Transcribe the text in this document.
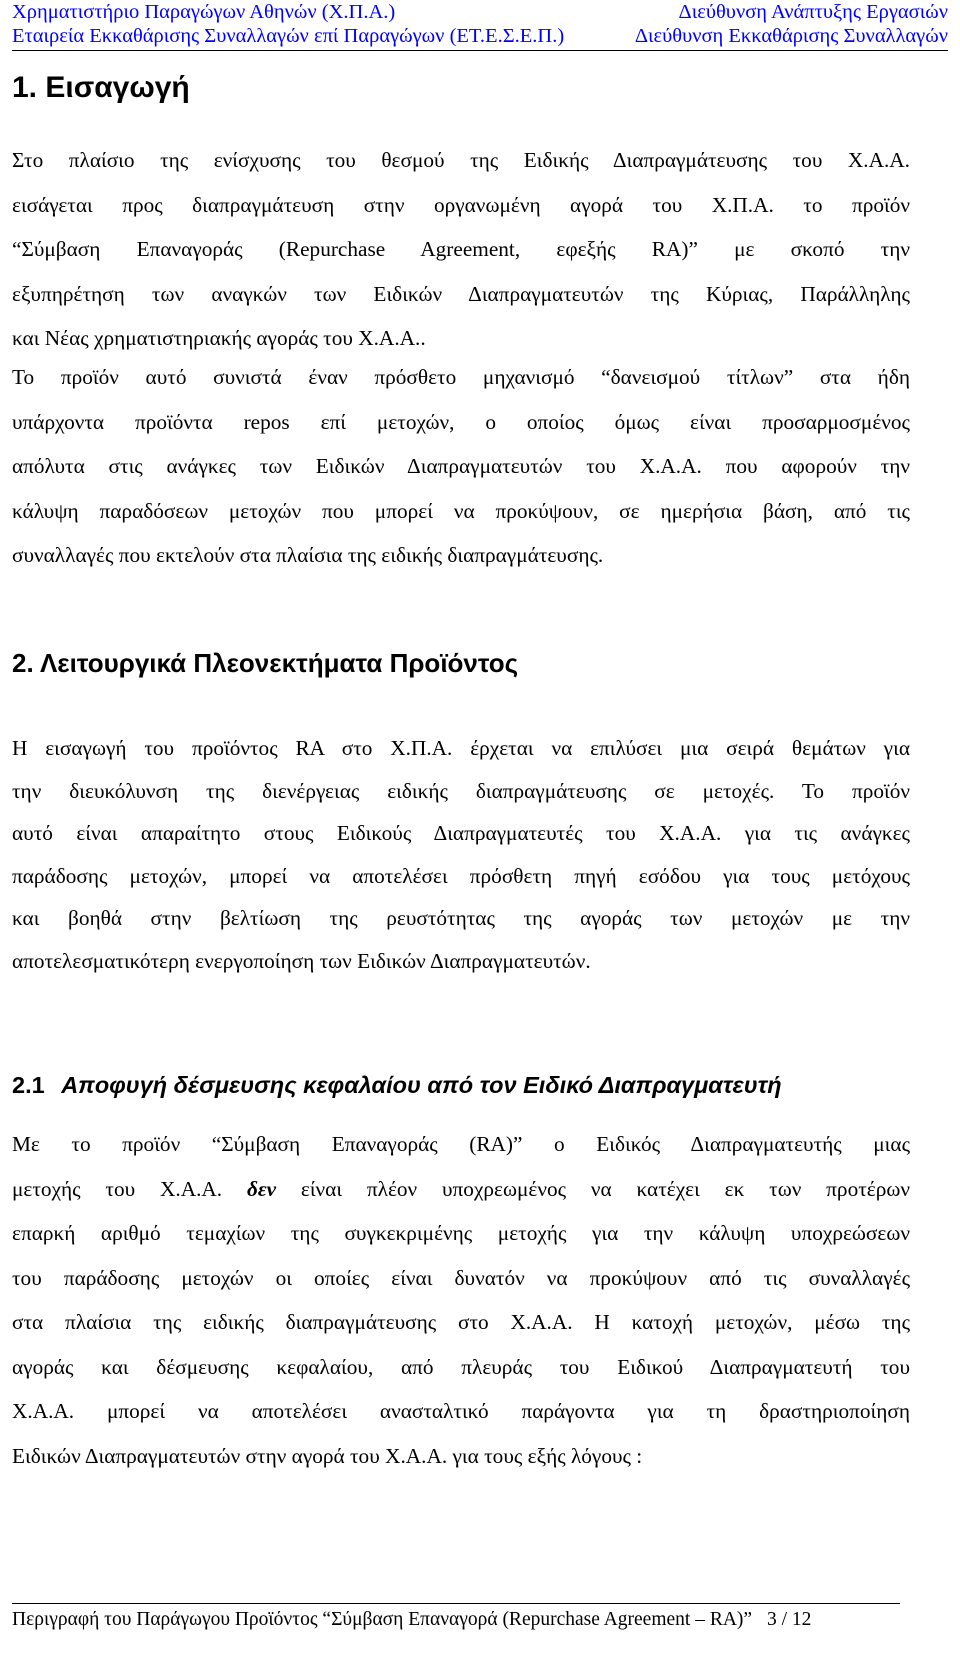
Χρηματιστήριο Παραγώγων Αθηνών (Χ.Π.Α.)	Διεύθυνση Ανάπτυξης Εργασιών
Εταιρεία Εκκαθάρισης Συναλλαγών επί Παραγώγων (ΕΤ.Ε.Σ.Ε.Π.)	Διεύθυνση Εκκαθάρισης Συναλλαγών
1. Εισαγωγή
Στο πλαίσιο της ενίσχυσης του θεσμού της Ειδικής Διαπραγμάτευσης του Χ.Α.Α.
εισάγεται προς διαπραγμάτευση στην οργανωμένη αγορά του Χ.Π.Α. το προϊόν
“Σύμβαση Επαναγοράς (Repurchase Agreement, εφεξής RA)” με σκοπό την
εξυπηρέτηση των αναγκών των Ειδικών Διαπραγματευτών της Κύριας, Παράλληλης
και Νέας χρηματιστηριακής αγοράς του Χ.Α.Α..
Το προϊόν αυτό συνιστά έναν πρόσθετο μηχανισμό “δανεισμού τίτλων” στα ήδη
υπάρχοντα προϊόντα repos επί μετοχών, ο οποίος όμως είναι προσαρμοσμένος
απόλυτα στις ανάγκες των Ειδικών Διαπραγματευτών του Χ.Α.Α. που αφορούν την
κάλυψη παραδόσεων μετοχών που μπορεί να προκύψουν, σε ημερήσια βάση, από τις
συναλλαγές που εκτελούν στα πλαίσια της ειδικής διαπραγμάτευσης.
2. Λειτουργικά Πλεονεκτήματα Προϊόντος
Η εισαγωγή του προϊόντος RA στο Χ.Π.Α. έρχεται να επιλύσει μια σειρά θεμάτων για
την διευκόλυνση της διενέργειας ειδικής διαπραγμάτευσης σε μετοχές. Το προϊόν
αυτό είναι απαραίτητο στους Ειδικούς Διαπραγματευτές του Χ.Α.Α. για τις ανάγκες
παράδοσης μετοχών, μπορεί να αποτελέσει πρόσθετη πηγή εσόδου για τους μετόχους
και βοηθά στην βελτίωση της ρευστότητας της αγοράς των μετοχών με την
αποτελεσματικότερη ενεργοποίηση των Ειδικών Διαπραγματευτών.
2.1 Αποφυγή δέσμευσης κεφαλαίου από τον Ειδικό Διαπραγματευτή
Με το προϊόν “Σύμβαση Επαναγοράς (RA)” ο Ειδικός Διαπραγματευτής μιας
μετοχής του Χ.Α.Α. δεν είναι πλέον υποχρεωμένος να κατέχει εκ των προτέρων
επαρκή αριθμό τεμαχίων της συγκεκριμένης μετοχής για την κάλυψη υποχρεώσεων
του παράδοσης μετοχών οι οποίες είναι δυνατόν να προκύψουν από τις συναλλαγές
στα πλαίσια της ειδικής διαπραγμάτευσης στο Χ.Α.Α. Η κατοχή μετοχών, μέσω της
αγοράς και δέσμευσης κεφαλαίου, από πλευράς του Ειδικού Διαπραγματευτή του
Χ.Α.Α. μπορεί να αποτελέσει ανασταλτικό παράγοντα για τη δραστηριοποίηση
Ειδικών Διαπραγματευτών στην αγορά του Χ.Α.Α. για τους εξής λόγους :
Περιγραφή του Παράγωγου Προϊόντος “Σύμβαση Επαναγορά (Repurchase Agreement – RA)” 3 / 12
